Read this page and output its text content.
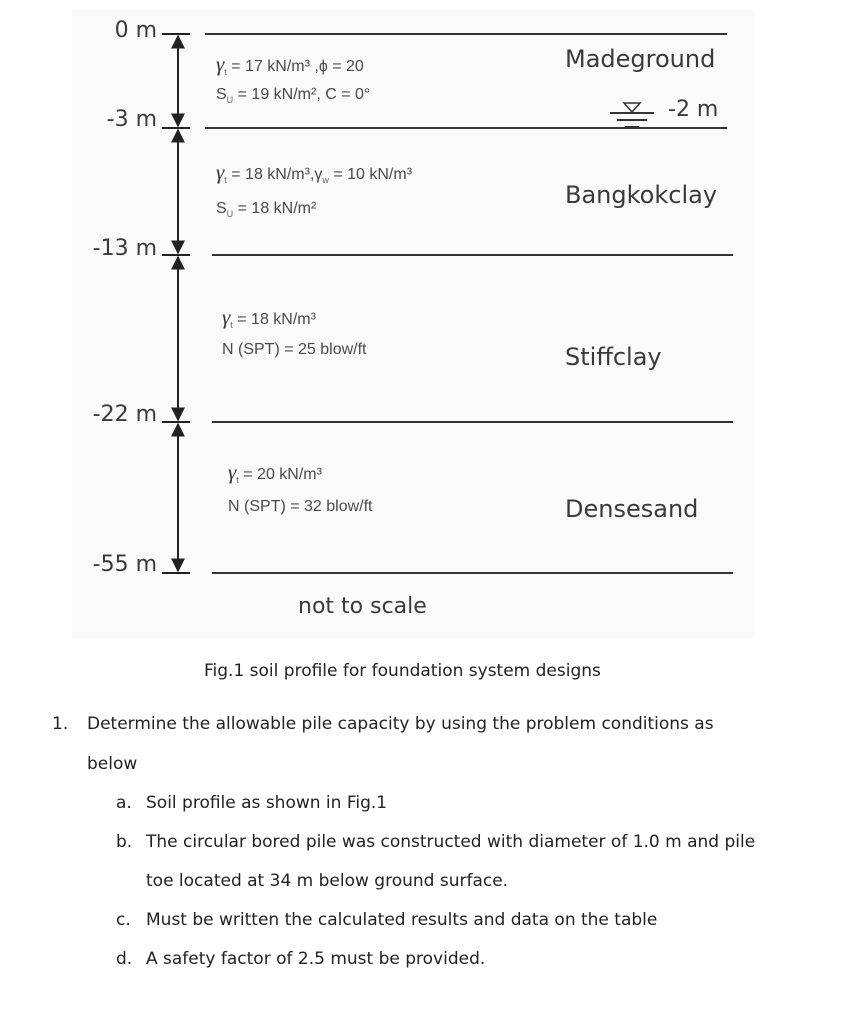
0 m
-3 m
-13 m
-22 m
-55 m
$\gamma_t = 17$ kN/m³ ,ϕ = 20
$S_U = 19$ kN/m², C = 0°
Madeground
-2 m
$\gamma_t = 18$ $kN/m^3,\gamma_w = 10$ kN/m³
$S_U = 18$ kN/m²	Bangkokclay
$\gamma_t = 18$ kN/m³
N (SPT) = 25 blow/ft	Stiffclay
$\gamma_t = 20$ kN/m³
N (SPT) = 32 blow/ft	Densesand
not to scale
Fig.1 soil profile for foundation system designs
1. Determine the allowable pile capacity by using the problem conditions as
below
a. Soil profile as shown in Fig.1
b. The circular bored pile was constructed with diameter of 1.0 m and pile
toe located at 34 m below ground surface.
c. Must be written the calculated results and data on the table
d. A safety factor of 2.5 must be provided.
